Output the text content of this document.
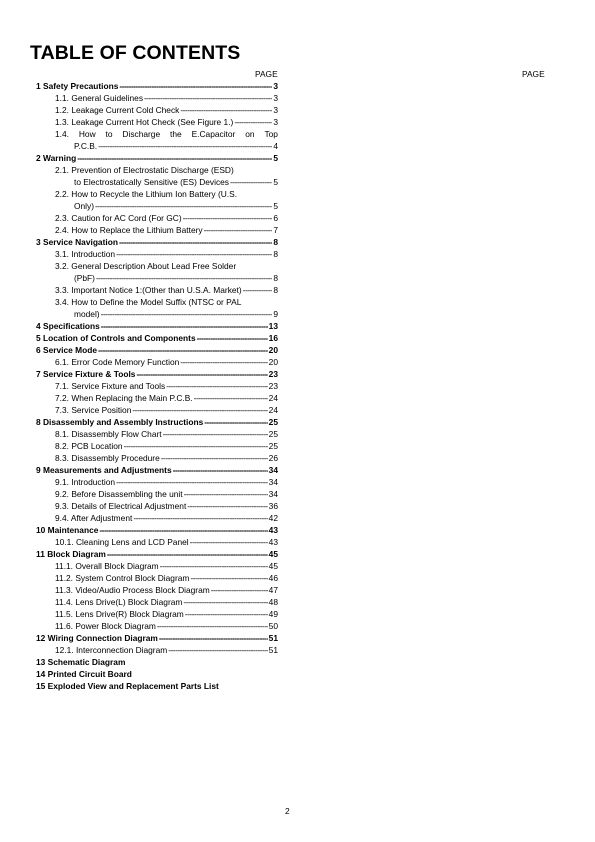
TABLE OF CONTENTS
PAGE	PAGE
1 Safety Precautions -----	3
1.1. General Guidelines -----	3
1.2. Leakage Current Cold Check -----	3
1.3. Leakage Current Hot Check (See Figure 1.) -----	3
1.4. How to Discharge the E.Capacitor on Top
P.C.B. -----	4
2 Warning -----	5
2.1. Prevention of Electrostatic Discharge (ESD)
to Electrostatically Sensitive (ES) Devices -----	5
2.2. How to Recycle the Lithium Ion Battery (U.S.
Only) -----	5
2.3. Caution for AC Cord (For GC) -----	6
2.4. How to Replace the Lithium Battery -----	7
3 Service Navigation -----	8
3.1. Introduction -----	8
3.2. General Description About Lead Free Solder
(PbF) -----	8
3.3. Important Notice 1:(Other than U.S.A. Market) -----	8
3.4. How to Define the Model Suffix (NTSC or PAL
model) -----	9
4 Specifications -----	13
5 Location of Controls and Components -----	16
6 Service Mode -----	20
6.1. Error Code Memory Function -----	20
7 Service Fixture & Tools -----	23
7.1. Service Fixture and Tools -----	23
7.2. When Replacing the Main P.C.B. -----	24
7.3. Service Position -----	24
8 Disassembly and Assembly Instructions -----	25
8.1. Disassembly Flow Chart -----	25
8.2. PCB Location -----	25
8.3. Disassembly Procedure -----	26
9 Measurements and Adjustments -----	34
9.1. Introduction -----	34
9.2. Before Disassembling the unit -----	34
9.3. Details of Electrical Adjustment -----	36
9.4. After Adjustment -----	42
10 Maintenance -----	43
10.1. Cleaning Lens and LCD Panel -----	43
11 Block Diagram -----	45
11.1. Overall Block Diagram -----	45
11.2. System Control Block Diagram -----	46
11.3. Video/Audio Process Block Diagram -----	47
11.4. Lens Drive(L) Block Diagram -----	48
11.5. Lens Drive(R) Block Diagram -----	49
11.6. Power Block Diagram -----	50
12 Wiring Connection Diagram -----	51
12.1. Interconnection Diagram -----	51
13 Schematic Diagram
14 Printed Circuit Board
15 Exploded View and Replacement Parts List
2
